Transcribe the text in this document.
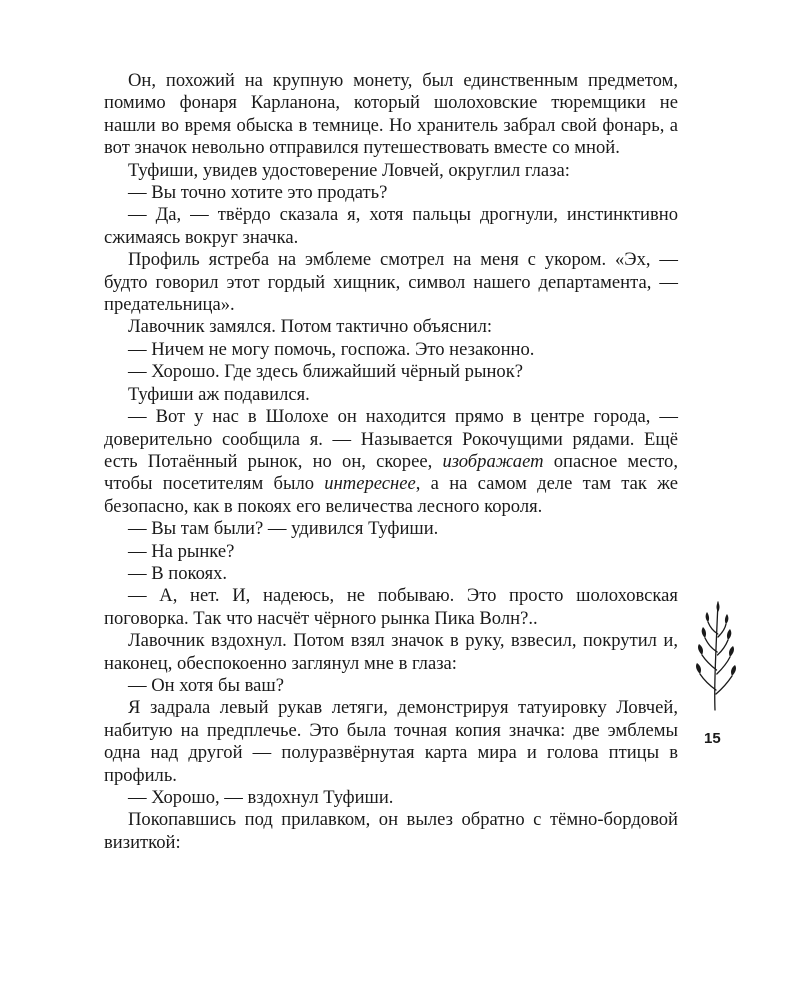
Он, похожий на крупную монету, был единственным предметом, помимо фонаря Карланона, который шолоховские тюремщики не нашли во время обыска в темнице. Но хранитель забрал свой фонарь, а вот значок невольно отправился путешествовать вместе со мной.

Туфиши, увидев удостоверение Ловчей, округлил глаза:

— Вы точно хотите это продать?

— Да, — твёрдо сказала я, хотя пальцы дрогнули, инстинктивно сжимаясь вокруг значка.

Профиль ястреба на эмблеме смотрел на меня с укором. «Эх, — будто говорил этот гордый хищник, символ нашего департамента, — предательница».

Лавочник замялся. Потом тактично объяснил:

— Ничем не могу помочь, госпожа. Это незаконно.

— Хорошо. Где здесь ближайший чёрный рынок?

Туфиши аж подавился.

— Вот у нас в Шолохе он находится прямо в центре города, — доверительно сообщила я. — Называется Рокочущими рядами. Ещё есть Потаённый рынок, но он, скорее, изображает опасное место, чтобы посетителям было интереснее, а на самом деле там так же безопасно, как в покоях его величества лесного короля.

— Вы там были? — удивился Туфиши.

— На рынке?

— В покоях.

— А, нет. И, надеюсь, не побываю. Это просто шолоховская поговорка. Так что насчёт чёрного рынка Пика Волн?..

Лавочник вздохнул. Потом взял значок в руку, взвесил, покрутил и, наконец, обеспокоенно заглянул мне в глаза:

— Он хотя бы ваш?

Я задрала левый рукав летяги, демонстрируя татуировку Ловчей, набитую на предплечье. Это была точная копия значка: две эмблемы одна над другой — полуразвёрнутая карта мира и голова птицы в профиль.

— Хорошо, — вздохнул Туфиши.

Покопавшись под прилавком, он вылез обратно с тёмно-бордовой визиткой:

15
